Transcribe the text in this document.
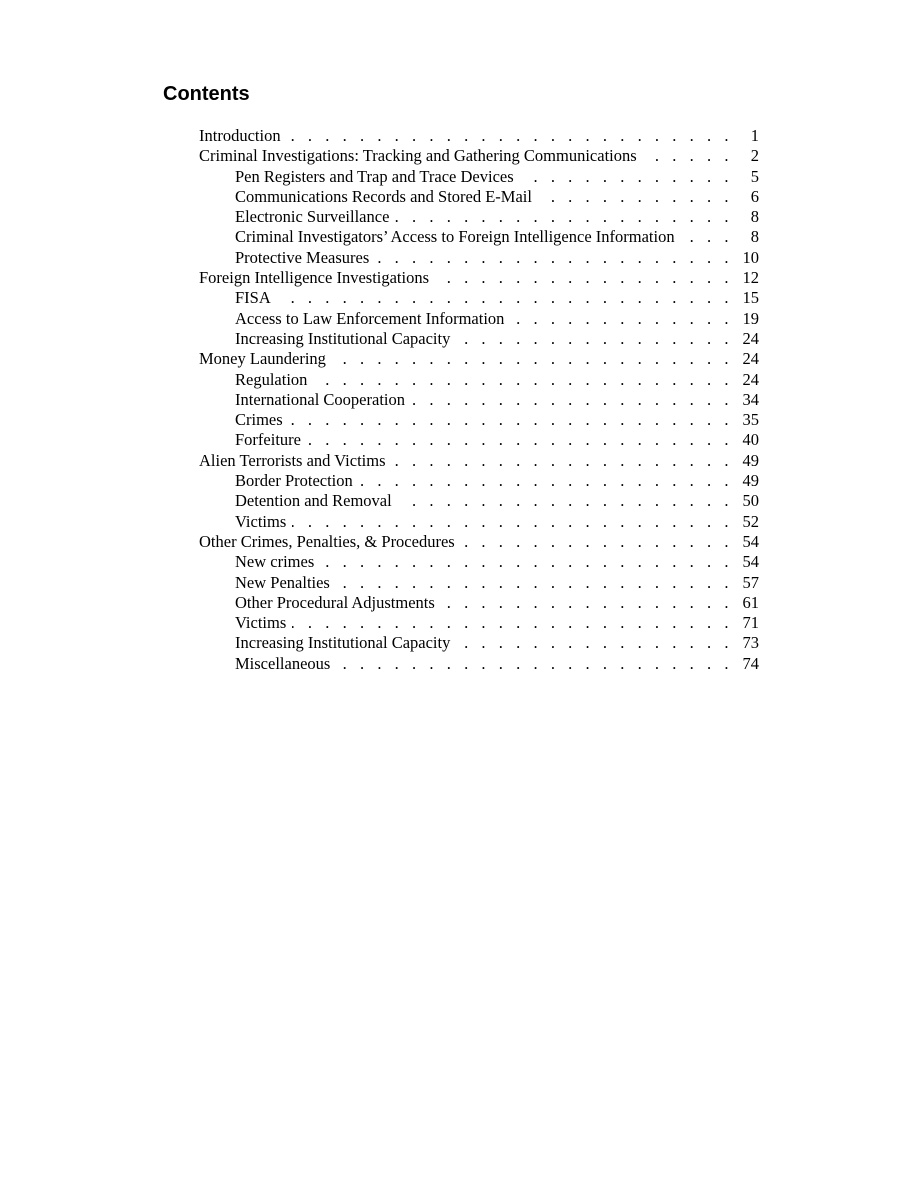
Contents
Introduction . . .	1
Criminal Investigations: Tracking and Gathering Communications . . .	2
Pen Registers and Trap and Trace Devices . . .	5
Communications Records and Stored E-Mail . . .	6
Electronic Surveillance . . .	8
Criminal Investigators’ Access to Foreign Intelligence Information . . .	8
Protective Measures . . .	10
Foreign Intelligence Investigations . . .	12
FISA . . .	15
Access to Law Enforcement Information . . .	19
Increasing Institutional Capacity . . .	24
Money Laundering . . .	24
Regulation . . .	24
International Cooperation . . .	34
Crimes . . .	35
Forfeiture . . .	40
Alien Terrorists and Victims . . .	49
Border Protection . . .	49
Detention and Removal . . .	50
Victims . . .	52
Other Crimes, Penalties, & Procedures . . .	54
New crimes . . .	54
New Penalties . . .	57
Other Procedural Adjustments . . .	61
Victims . . .	71
Increasing Institutional Capacity . . .	73
Miscellaneous . . .	74
